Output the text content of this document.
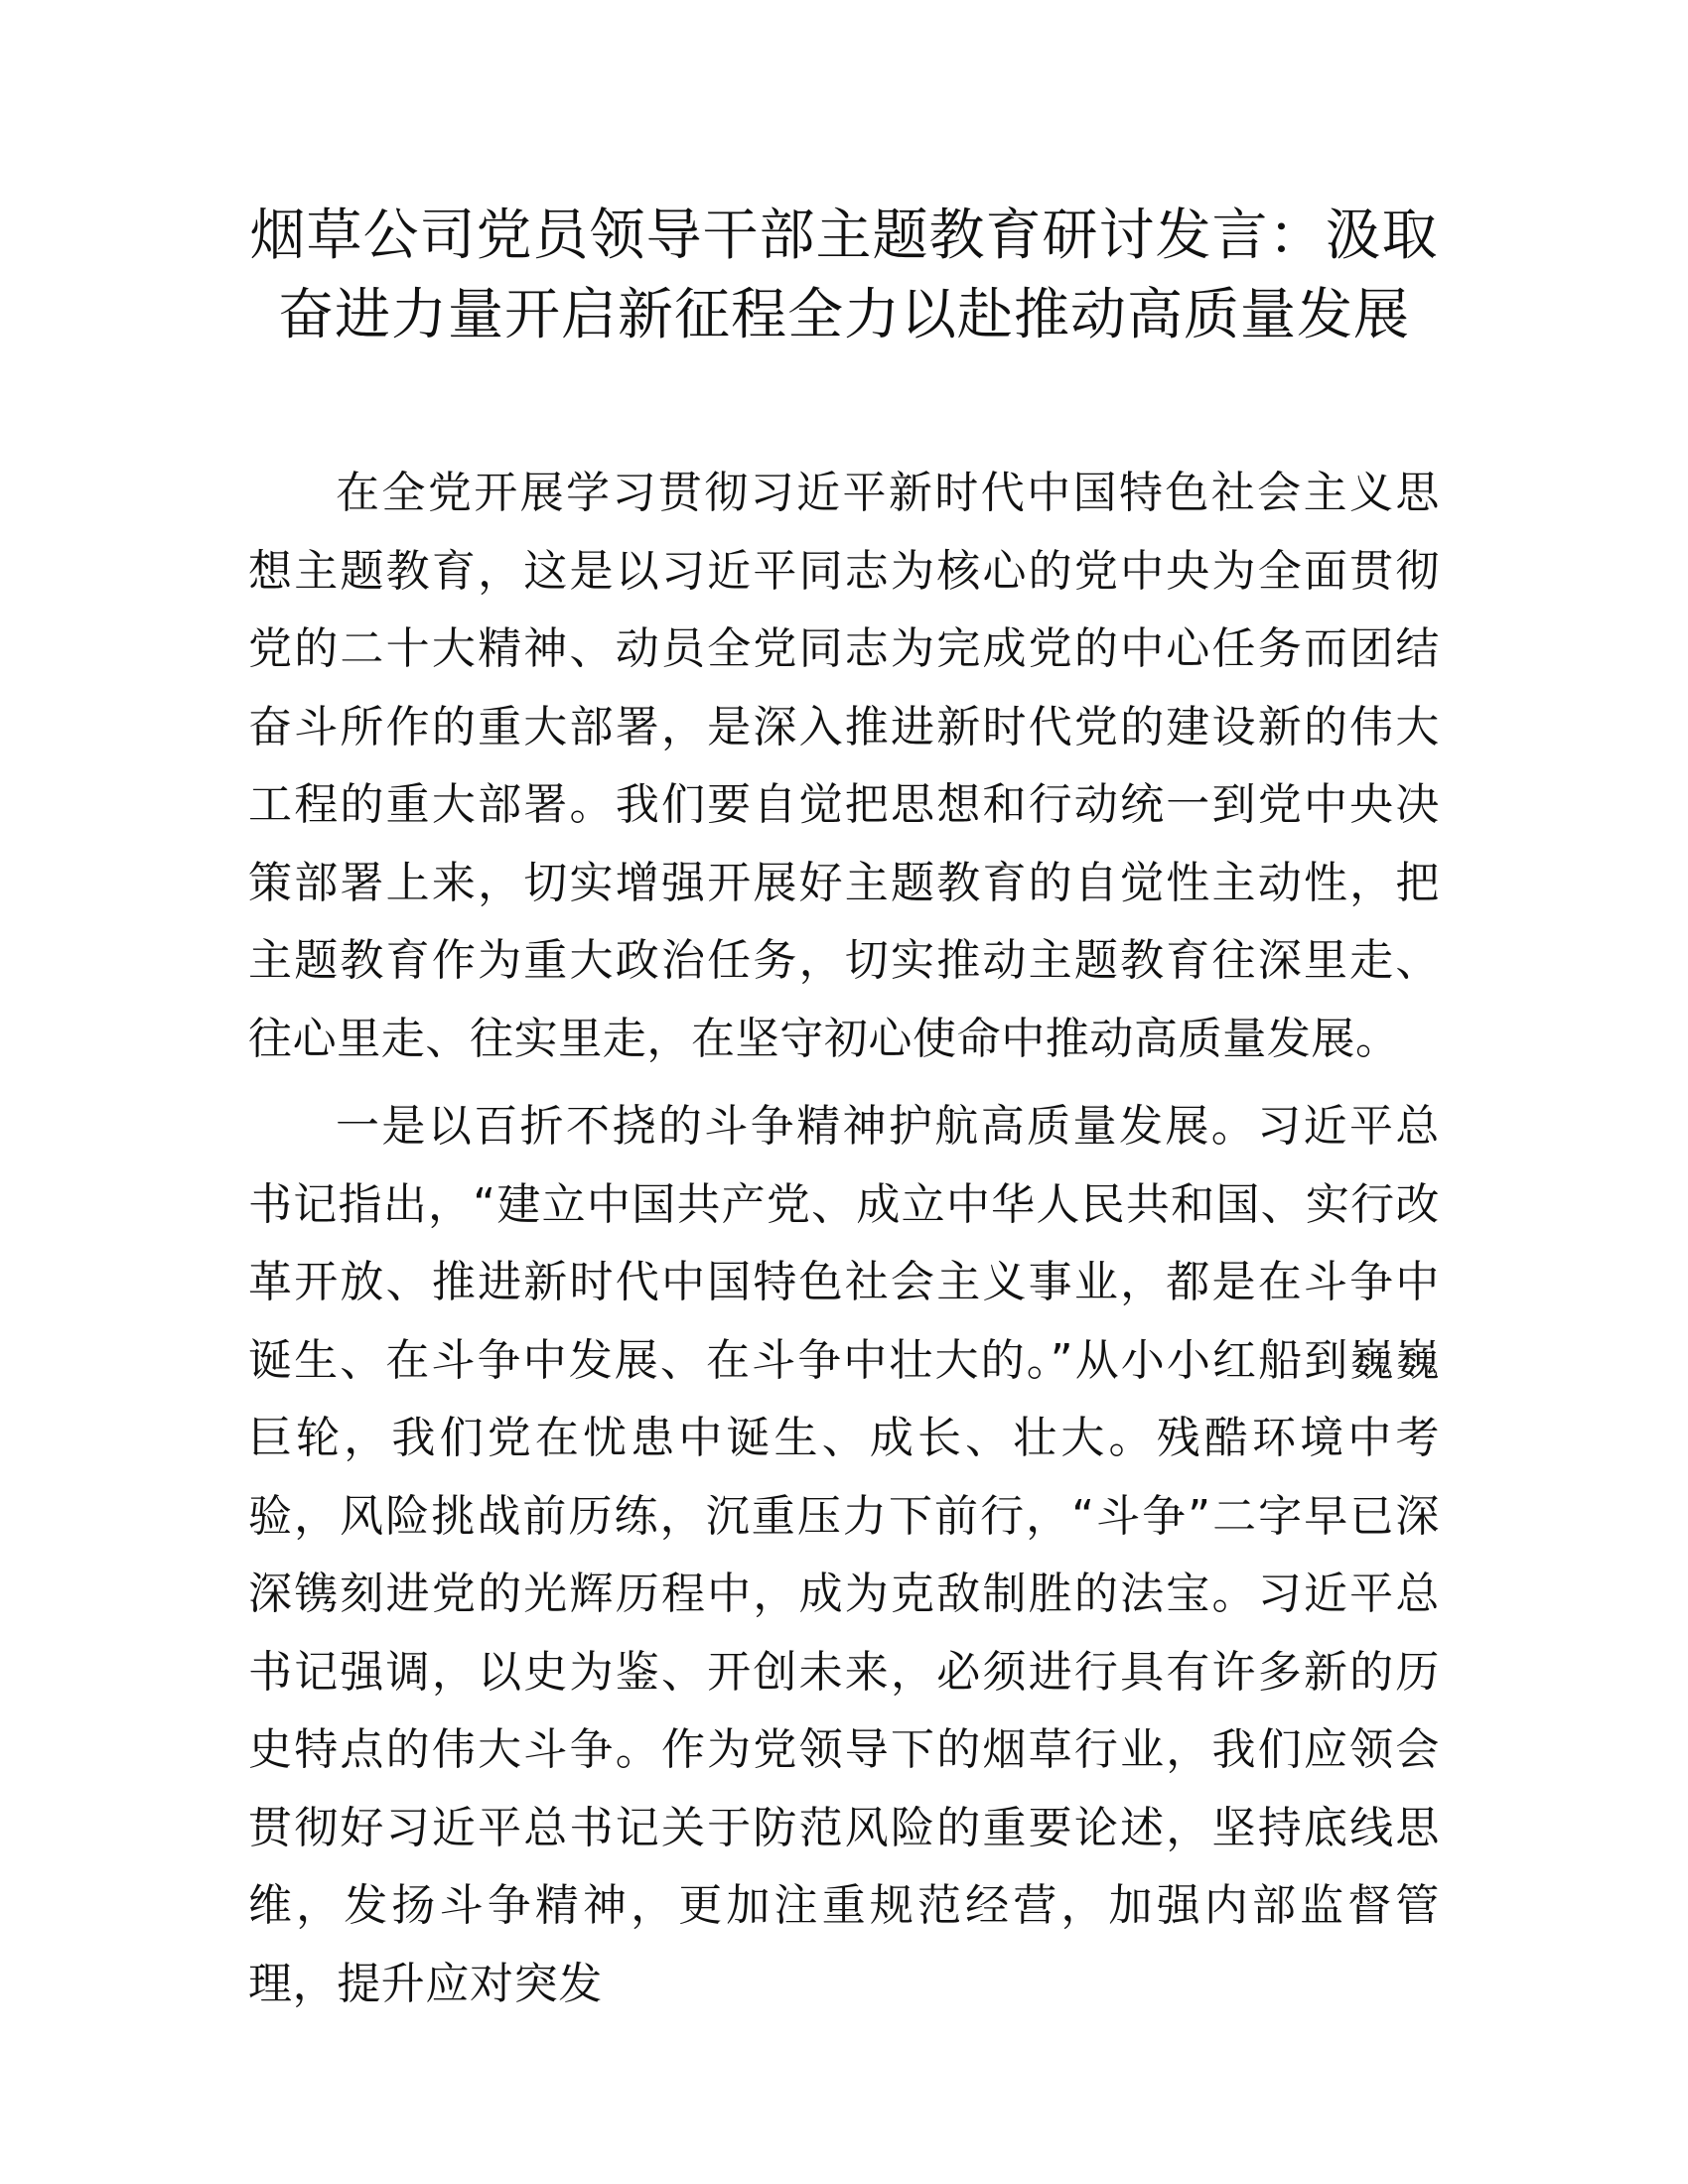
烟草公司党员领导干部主题教育研讨发言：汲取奋进力量开启新征程全力以赴推动高质量发展

在全党开展学习贯彻习近平新时代中国特色社会主义思想主题教育，这是以习近平同志为核心的党中央为全面贯彻党的二十大精神、动员全党同志为完成党的中心任务而团结奋斗所作的重大部署，是深入推进新时代党的建设新的伟大工程的重大部署。我们要自觉把思想和行动统一到党中央决策部署上来，切实增强开展好主题教育的自觉性主动性，把主题教育作为重大政治任务，切实推动主题教育往深里走、往心里走、往实里走，在坚守初心使命中推动高质量发展。

一是以百折不挠的斗争精神护航高质量发展。习近平总书记指出，“建立中国共产党、成立中华人民共和国、实行改革开放、推进新时代中国特色社会主义事业，都是在斗争中诞生、在斗争中发展、在斗争中壮大的。”从小小红船到巍巍巨轮，我们党在忧患中诞生、成长、壮大。残酷环境中考验，风险挑战前历练，沉重压力下前行，“斗争”二字早已深深镌刻进党的光辉历程中，成为克敌制胜的法宝。习近平总书记强调，以史为鉴、开创未来，必须进行具有许多新的历史特点的伟大斗争。作为党领导下的烟草行业，我们应领会贯彻好习近平总书记关于防范风险的重要论述，坚持底线思维，发扬斗争精神，更加注重规范经营，加强内部监督管理，提升应对突发
